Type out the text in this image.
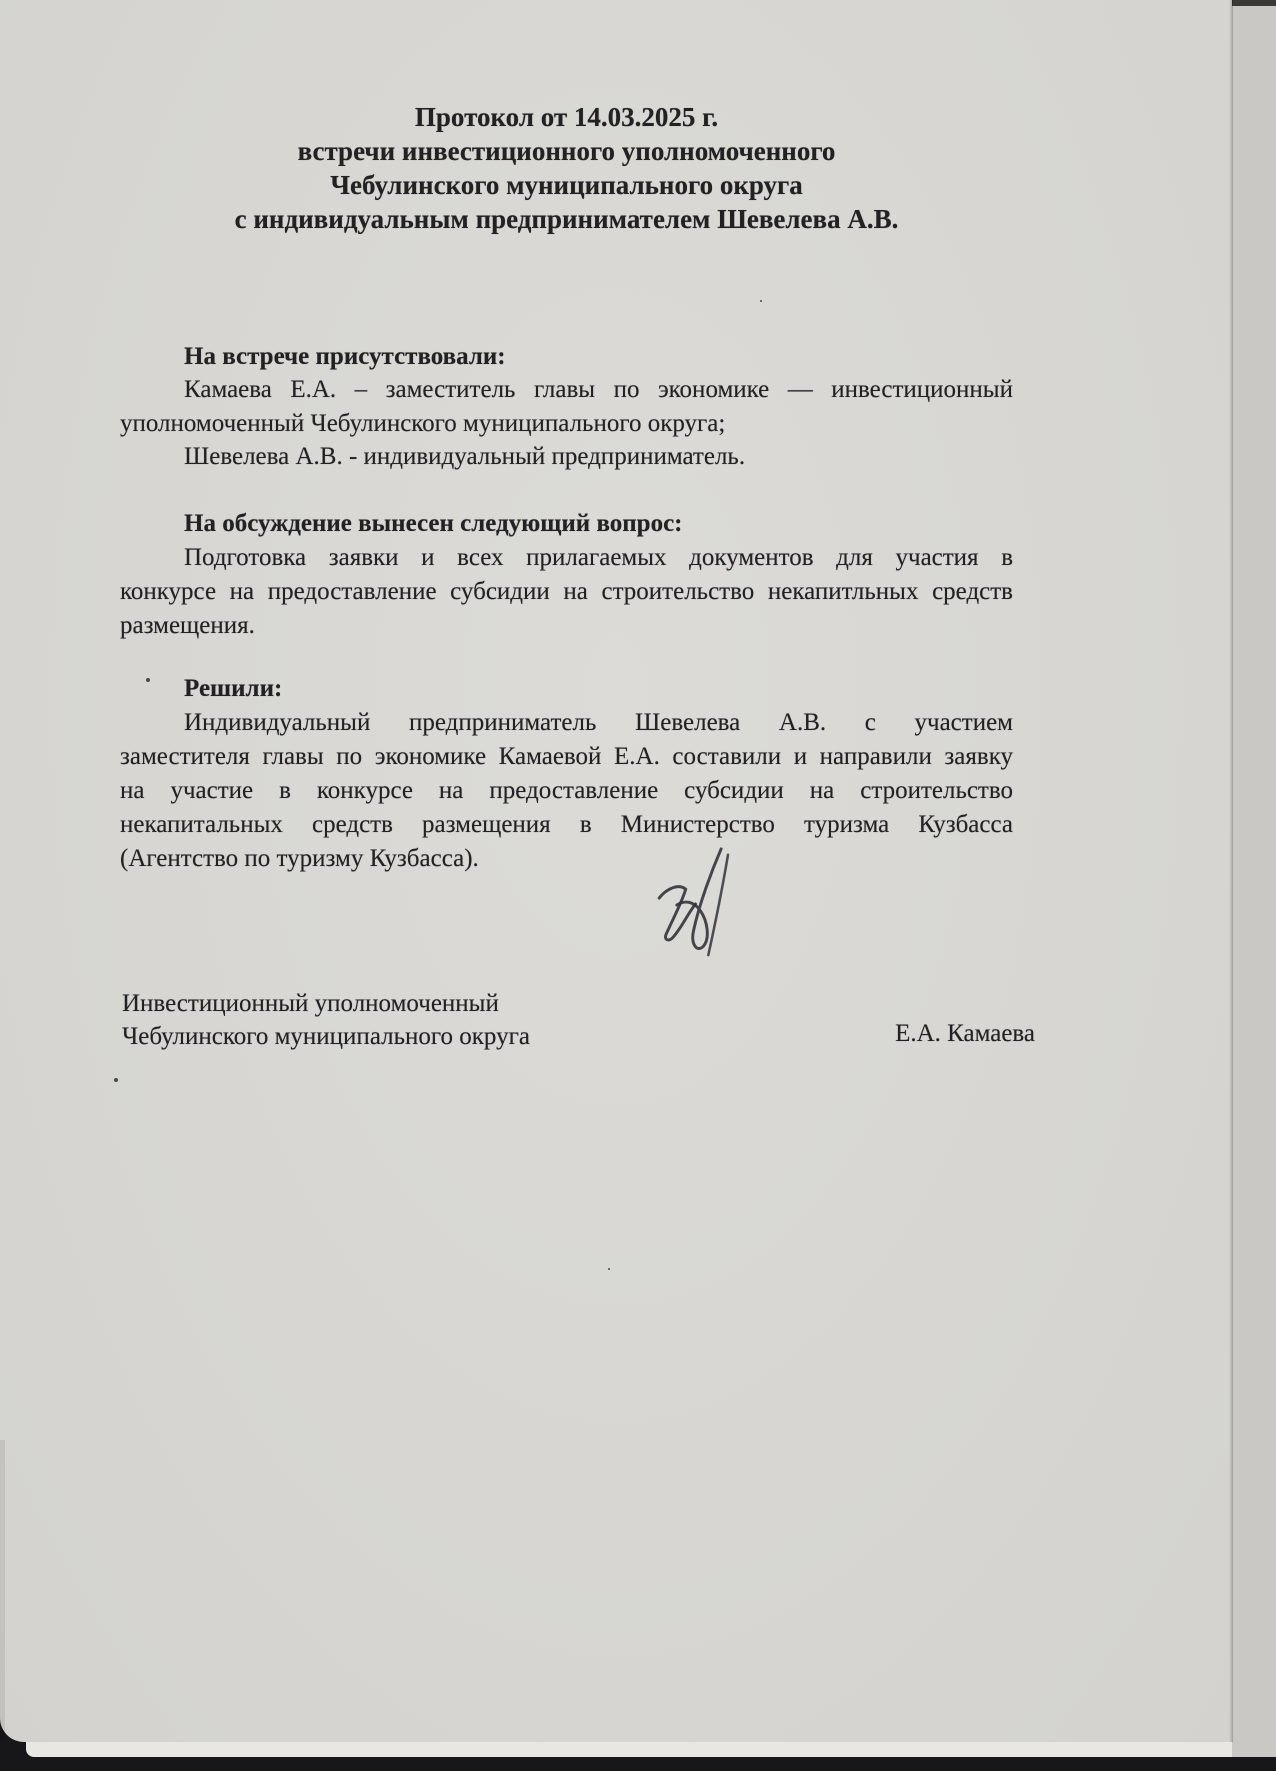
Протокол от 14.03.2025 г.
встречи инвестиционного уполномоченного
Чебулинского муниципального округа
с индивидуальным предпринимателем Шевелева А.В.
На встрече присутствовали:
Камаева Е.А. – заместитель главы по экономике — инвестиционный
уполномоченный Чебулинского муниципального округа;
Шевелева А.В. - индивидуальный предприниматель.
На обсуждение вынесен следующий вопрос:
Подготовка заявки и всех прилагаемых документов для участия в
конкурсе на предоставление субсидии на строительство некапитльных средств
размещения.
Решили:
Индивидуальный предприниматель Шевелева А.В. с участием
заместителя главы по экономике Камаевой Е.А. составили и направили заявку
на участие в конкурсе на предоставление субсидии на строительство
некапитальных средств размещения в Министерство туризма Кузбасса
(Агентство по туризму Кузбасса).
Инвестиционный уполномоченный
Чебулинского муниципального округа	Е.А. Камаева
